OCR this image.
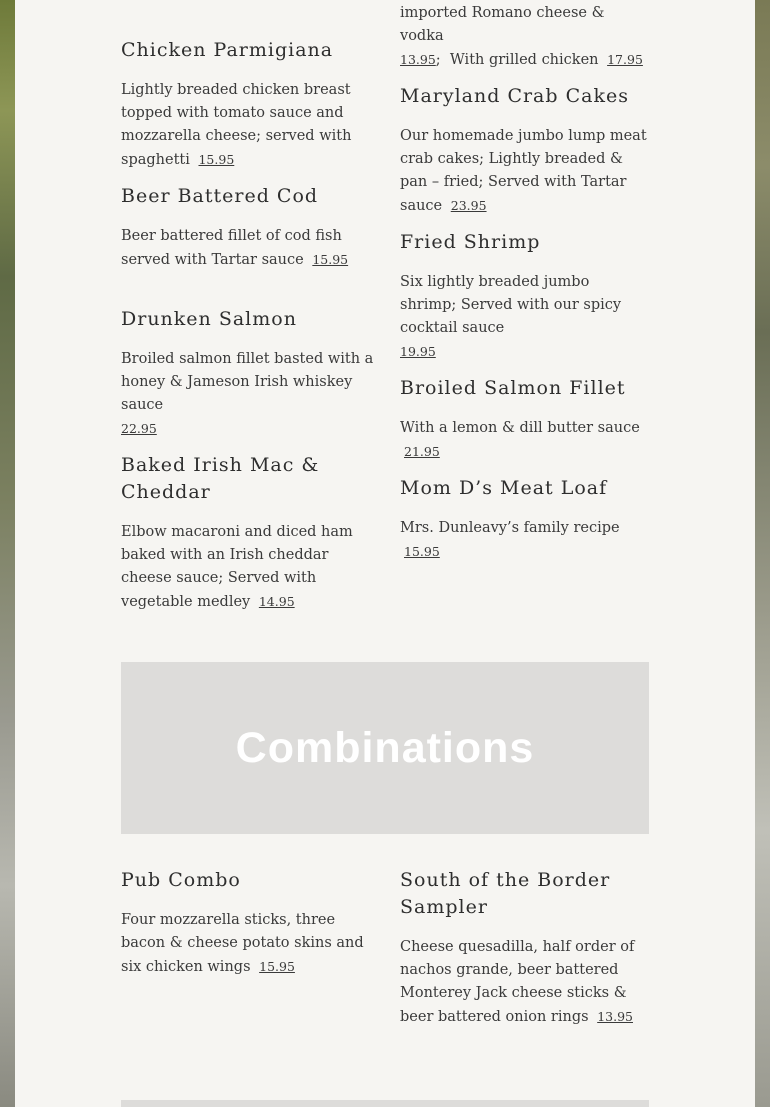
imported Romano cheese & vodka
13.95;  With grilled chicken 17.95

Chicken Parmigiana

Lightly breaded chicken breast topped with tomato sauce and mozzarella cheese; served with spaghetti 15.95

Beer Battered Cod

Beer battered fillet of cod fish served with Tartar sauce 15.95

Drunken Salmon

Broiled salmon fillet basted with a honey & Jameson Irish whiskey sauce
22.95

Baked Irish Mac & Cheddar

Elbow macaroni and diced ham baked with an Irish cheddar cheese sauce; Served with vegetable medley 14.95

Maryland Crab Cakes

Our homemade jumbo lump meat crab cakes; Lightly breaded & pan – fried; Served with Tartar sauce 23.95

Fried Shrimp

Six lightly breaded jumbo shrimp; Served with our spicy cocktail sauce
19.95

Broiled Salmon Fillet

With a lemon & dill butter sauce 21.95

Mom D’s Meat Loaf

Mrs. Dunleavy’s family recipe 15.95

Combinations
Pub Combo

Four mozzarella sticks, three bacon & cheese potato skins and six chicken wings 15.95

South of the Border Sampler

Cheese quesadilla, half order of nachos grande, beer battered Monterey Jack cheese sticks & beer battered onion rings 13.95
